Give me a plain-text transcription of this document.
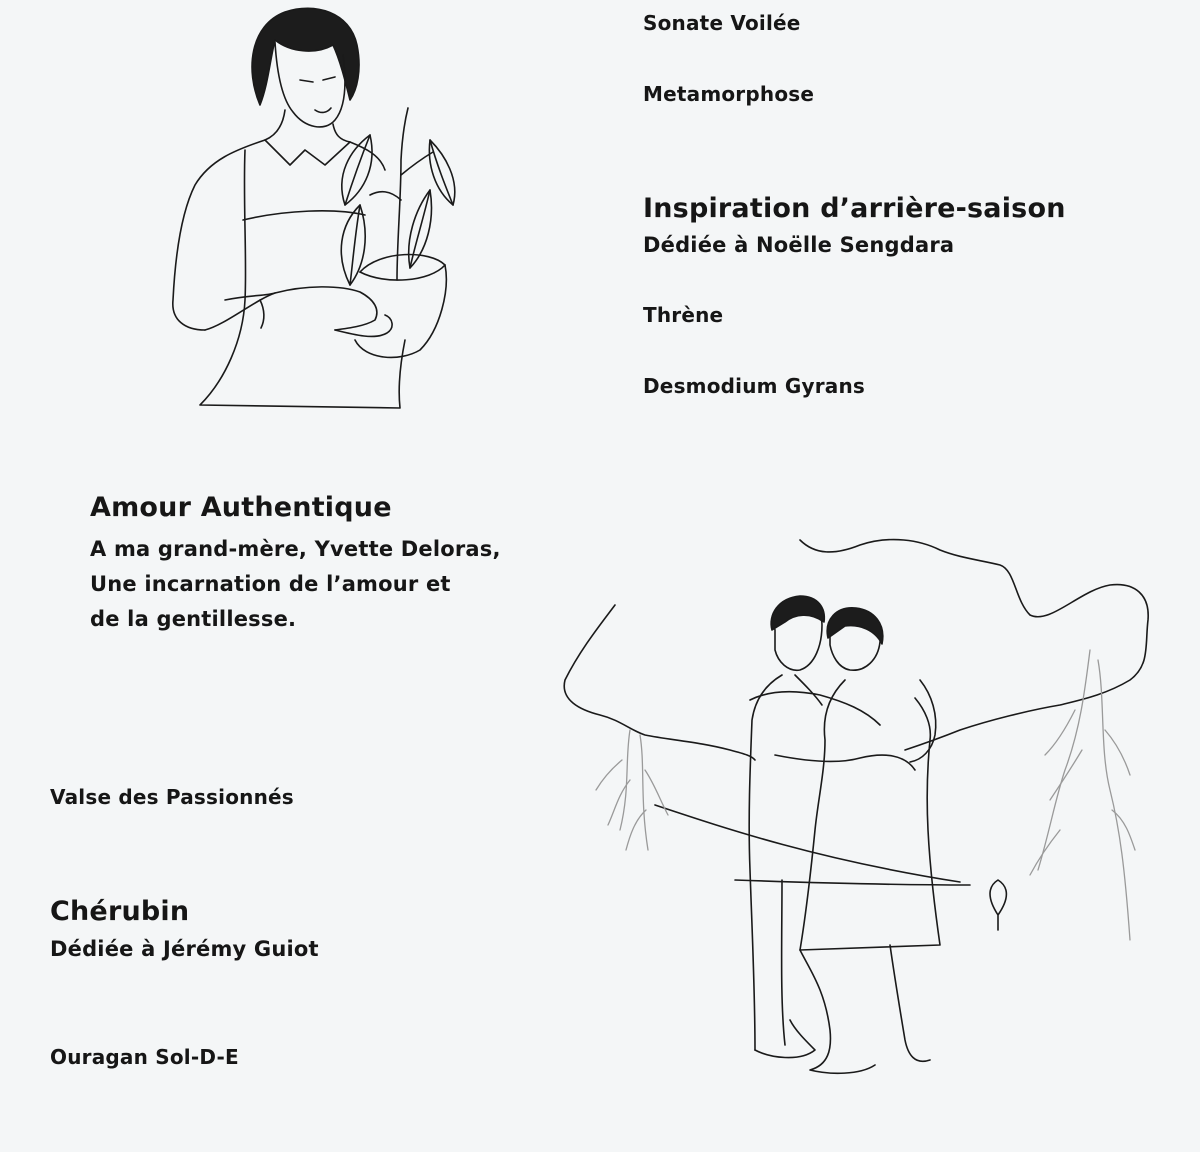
Sonate Voilée

Metamorphose

Inspiration d’arrière-saison

Dédiée à Noëlle Sengdara

Thrène

Desmodium Gyrans

Amour Authentique

A ma grand-mère, Yvette Deloras,
Une incarnation de l’amour et
de la gentillesse.

Valse des Passionnés

Chérubin

Dédiée à Jérémy Guiot

Ouragan Sol-D-E
